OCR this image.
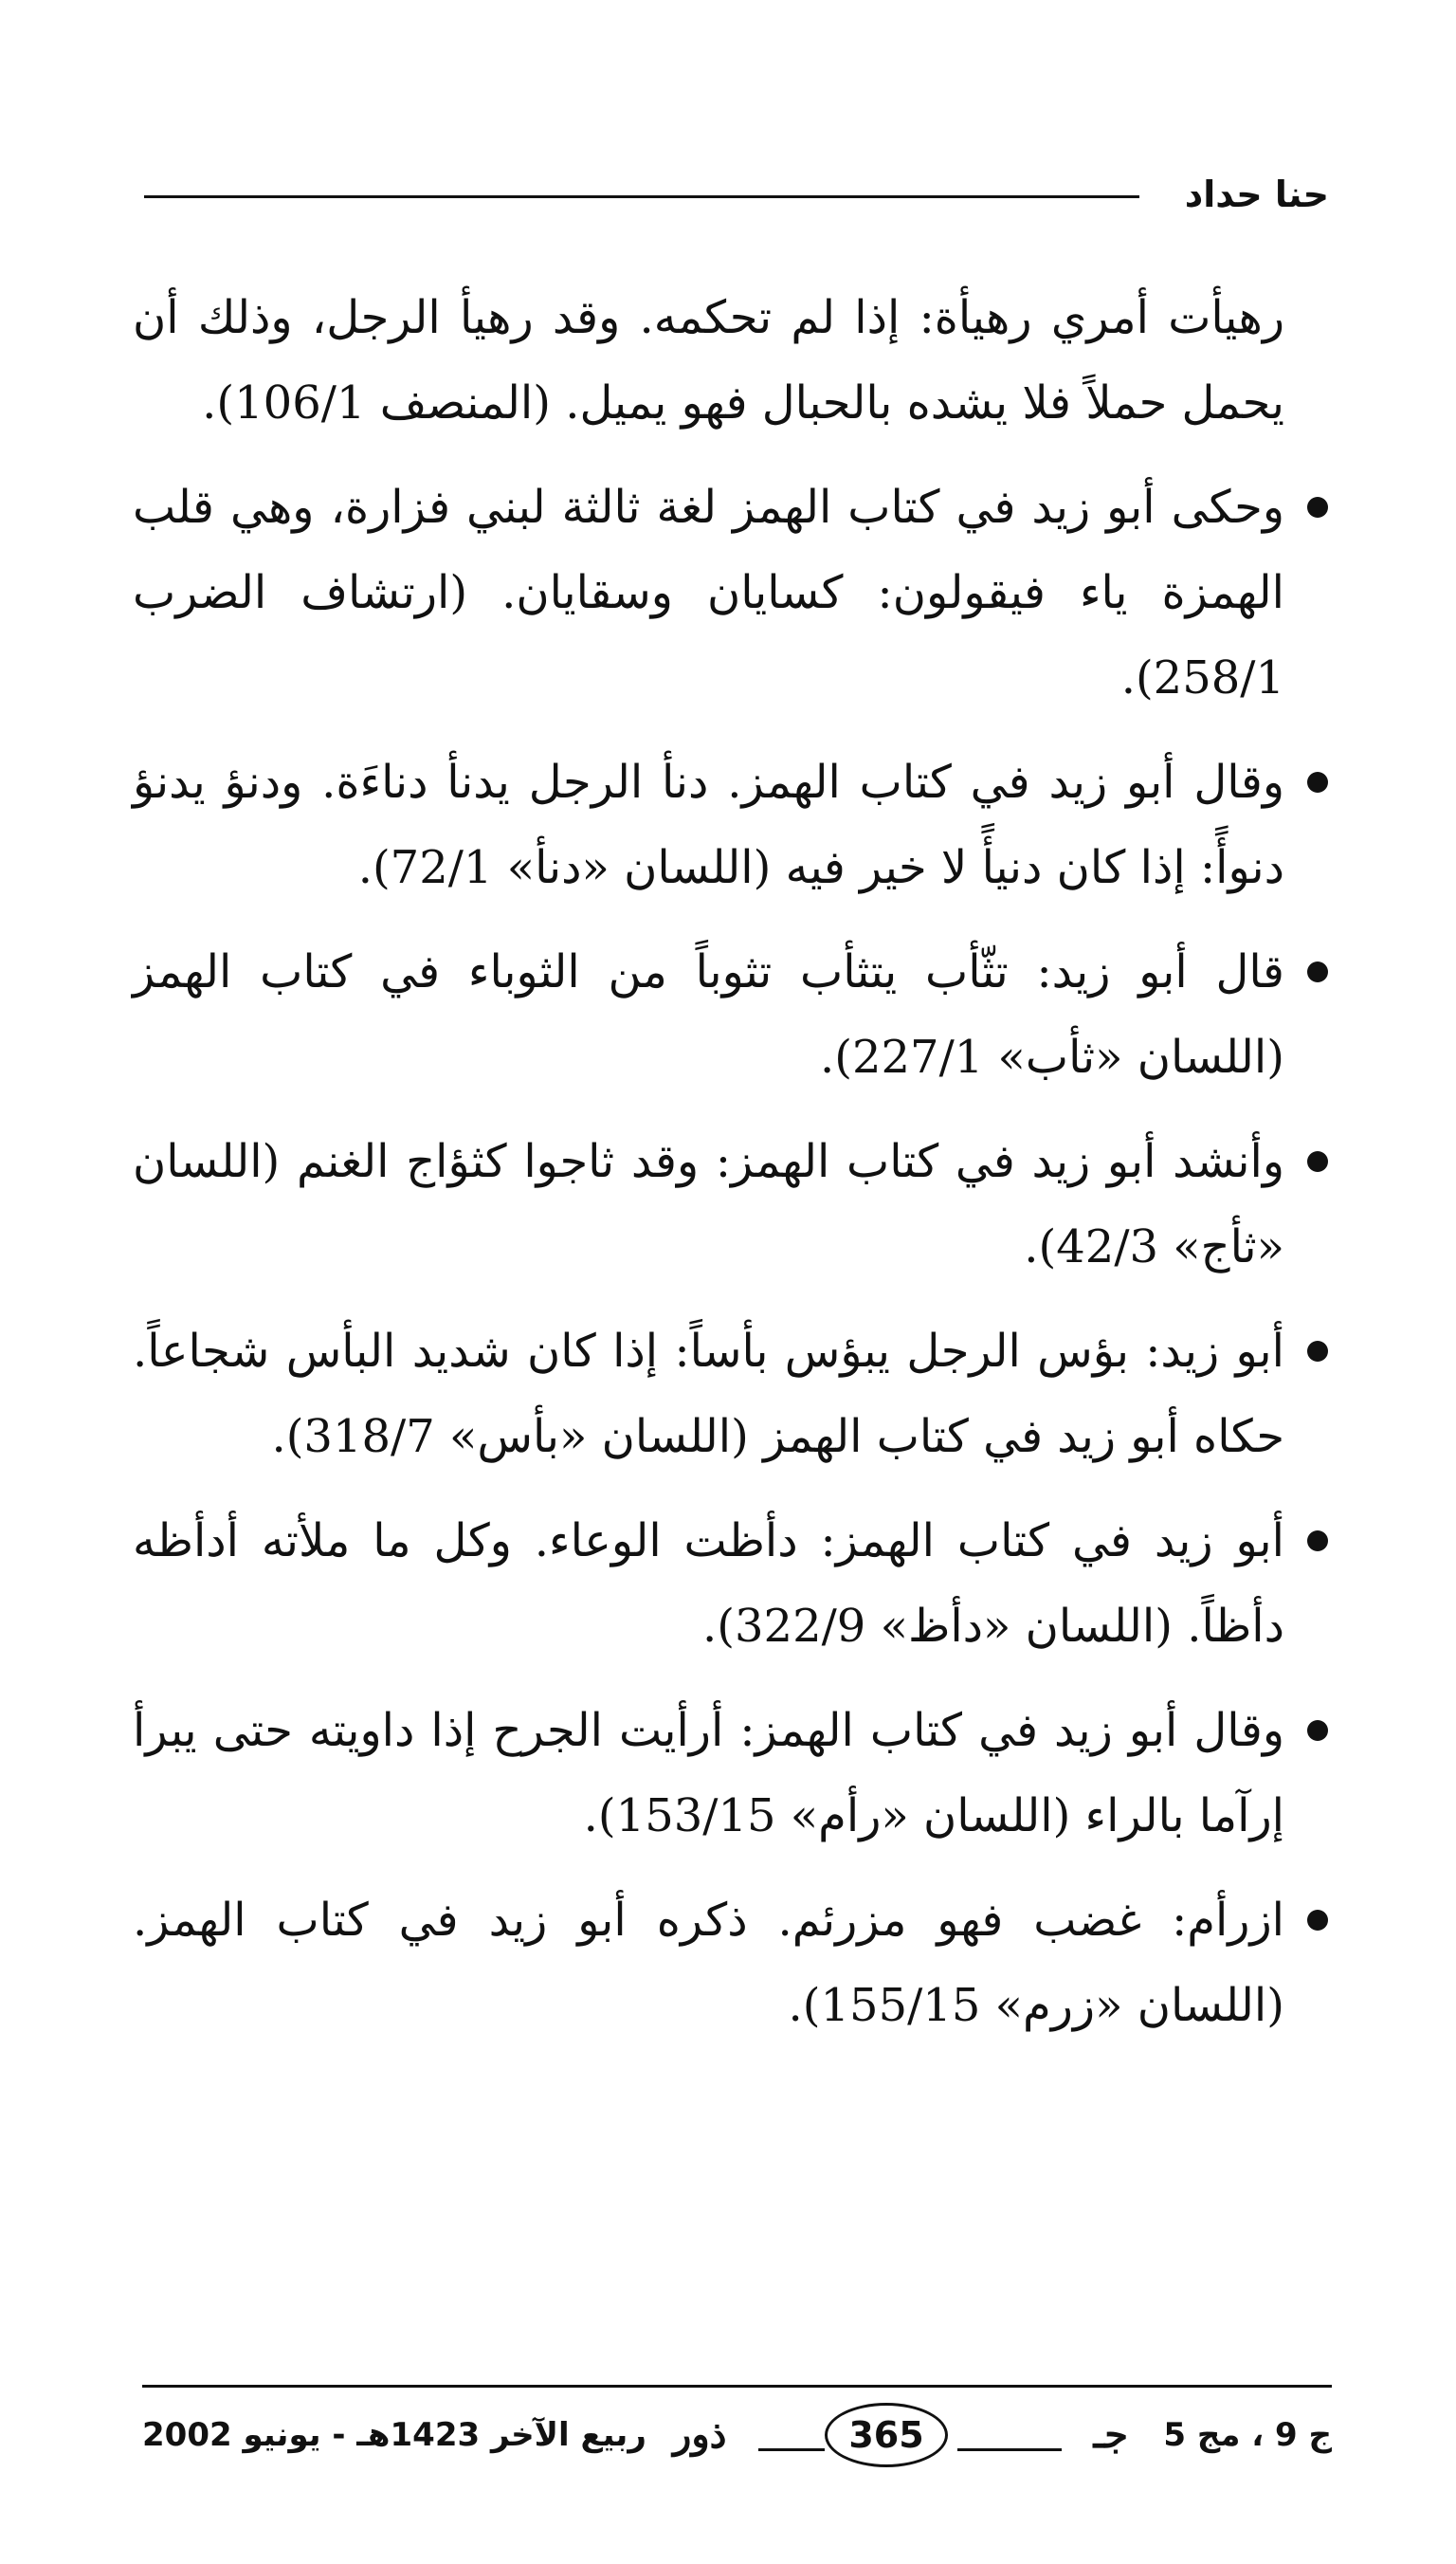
حنا حداد

رهيأت أمري رهيأة: إذا لم تحكمه. وقد رهيأ الرجل، وذلك أن يحمل حملاً فلا يشده بالحبال فهو يميل. (المنصف 106/1).

وحكى أبو زيد في كتاب الهمز لغة ثالثة لبني فزارة، وهي قلب الهمزة ياء فيقولون: كسايان وسقايان. (ارتشاف الضرب 258/1).
وقال أبو زيد في كتاب الهمز. دنأ الرجل يدنأ دناءَة. ودنؤ يدنؤ دنوأً: إذا كان دنيأً لا خير فيه (اللسان «دنأ» 72/1).
قال أبو زيد: تثّأب يتثأب تثوباً من الثوباء في كتاب الهمز (اللسان «ثأب» 227/1).
وأنشد أبو زيد في كتاب الهمز: وقد ثاجوا كثؤاج الغنم (اللسان «ثأج» 42/3).
أبو زيد: بؤس الرجل يبؤس بأساً: إذا كان شديد البأس شجاعاً. حكاه أبو زيد في كتاب الهمز (اللسان «بأس» 318/7).
أبو زيد في كتاب الهمز: دأظت الوعاء. وكل ما ملأته أدأظه دأظاً. (اللسان «دأظ» 322/9).
وقال أبو زيد في كتاب الهمز: أرأيت الجرح إذا داويته حتى يبرأ إرآما بالراء (اللسان «رأم» 153/15).
ازرأم: غضب فهو مزرئم. ذكره أبو زيد في كتاب الهمز. (اللسان «زرم» 155/15).
ربيع الآخر 1423هـ - يونيو 2002 ذور	365	جـ ج 9 ، مج 5
